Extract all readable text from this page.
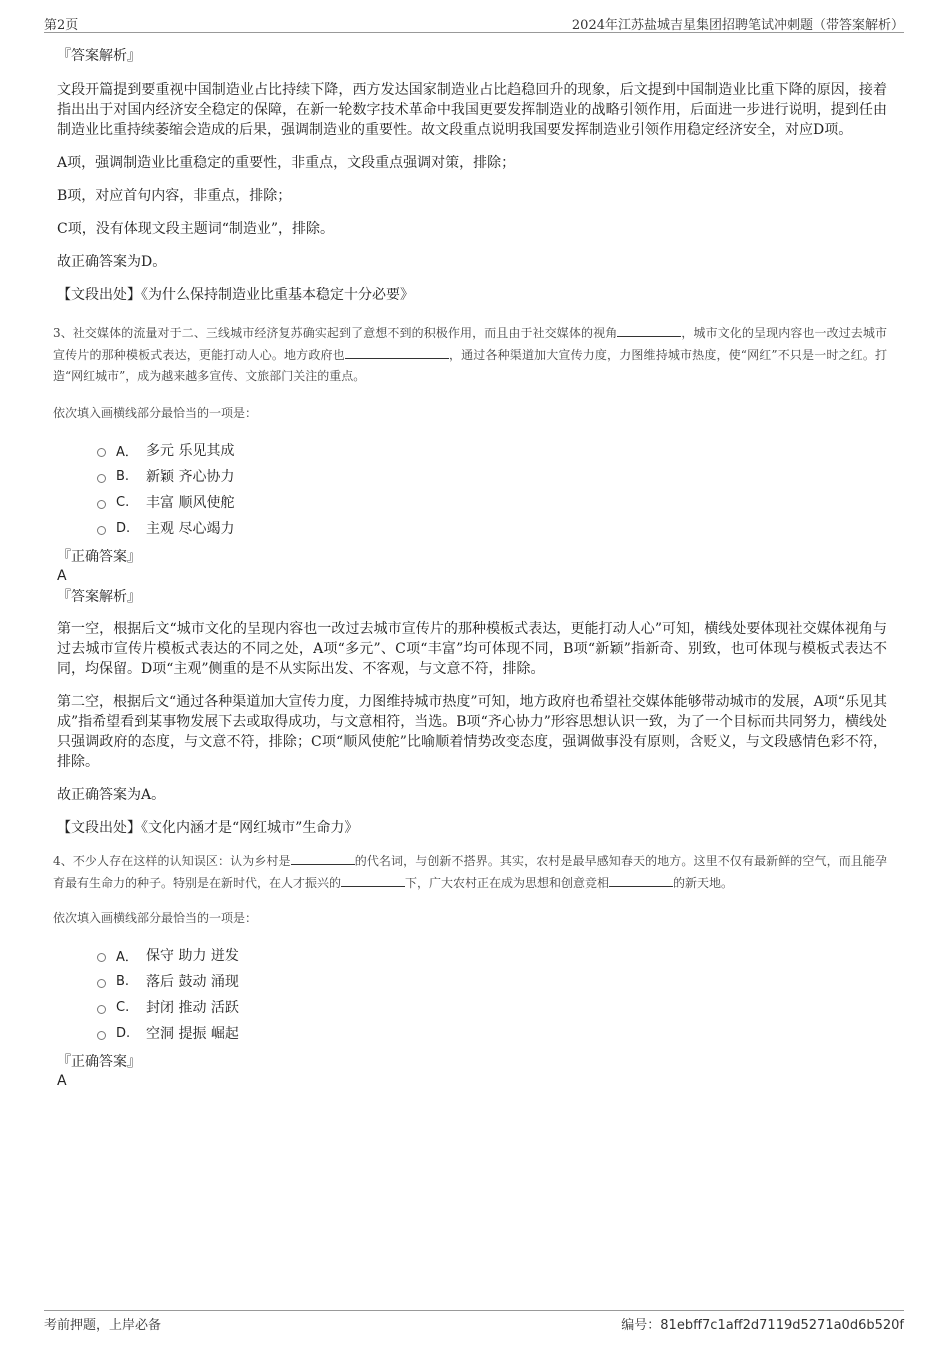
第2页	2024年江苏盐城吉星集团招聘笔试冲刺题（带答案解析）

『答案解析』

文段开篇提到要重视中国制造业占比持续下降，西方发达国家制造业占比趋稳回升的现象，后文提到中国制造业比重下降的原因，接着指出出于对国内经济安全稳定的保障，在新一轮数字技术革命中我国更要发挥制造业的战略引领作用，后面进一步进行说明，提到任由制造业比重持续萎缩会造成的后果，强调制造业的重要性。故文段重点说明我国要发挥制造业引领作用稳定经济安全，对应D项。

A项，强调制造业比重稳定的重要性，非重点，文段重点强调对策，排除；

B项，对应首句内容，非重点，排除；

C项，没有体现文段主题词“制造业”，排除。

故正确答案为D。

【文段出处】《为什么保持制造业比重基本稳定十分必要》

3、社交媒体的流量对于二、三线城市经济复苏确实起到了意想不到的积极作用，而且由于社交媒体的视角	，城市文化的呈现内容也一改过去城市宣传片的那种模板式表达，更能打动人心。地方政府也	，通过各种渠道加大宣传力度，力图维持城市热度，使“网红”不只是一时之红。打造“网红城市”，成为越来越多宣传、文旅部门关注的重点。

依次填入画横线部分最恰当的一项是：

A． 多元 乐见其成
B.	新颖 齐心协力
C.	丰富 顺风使舵
D.	主观 尽心竭力

『正确答案』

A

『答案解析』

第一空，根据后文“城市文化的呈现内容也一改过去城市宣传片的那种模板式表达，更能打动人心”可知，横线处要体现社交媒体视角与过去城市宣传片模板式表达的不同之处，A项“多元”、C项“丰富”均可体现不同，B项“新颖”指新奇、别致，也可体现与模板式表达不同，均保留。D项“主观”侧重的是不从实际出发、不客观，与文意不符，排除。

第二空，根据后文“通过各种渠道加大宣传力度，力图维持城市热度”可知，地方政府也希望社交媒体能够带动城市的发展，A项“乐见其成”指希望看到某事物发展下去或取得成功，与文意相符，当选。B项“齐心协力”形容思想认识一致，为了一个目标而共同努力，横线处只强调政府的态度，与文意不符，排除；C项“顺风使舵”比喻顺着情势改变态度，强调做事没有原则，含贬义，与文段感情色彩不符，排除。

故正确答案为A。

【文段出处】《文化内涵才是“网红城市”生命力》

4、不少人存在这样的认知误区：认为乡村是	的代名词，与创新不搭界。其实，农村是最早感知春天的地方。这里不仅有最新鲜的空气，而且能孕育最有生命力的种子。特别是在新时代，在人才振兴的	下，广大农村正在成为思想和创意竞相	的新天地。

依次填入画横线部分最恰当的一项是：

A． 保守 助力 迸发
B.	落后 鼓动 涌现
C.	封闭 推动 活跃
D.	空洞 提振 崛起

『正确答案』

A

考前押题，上岸必备	编号：81ebff7c1aff2d7119d5271a0d6b520f
